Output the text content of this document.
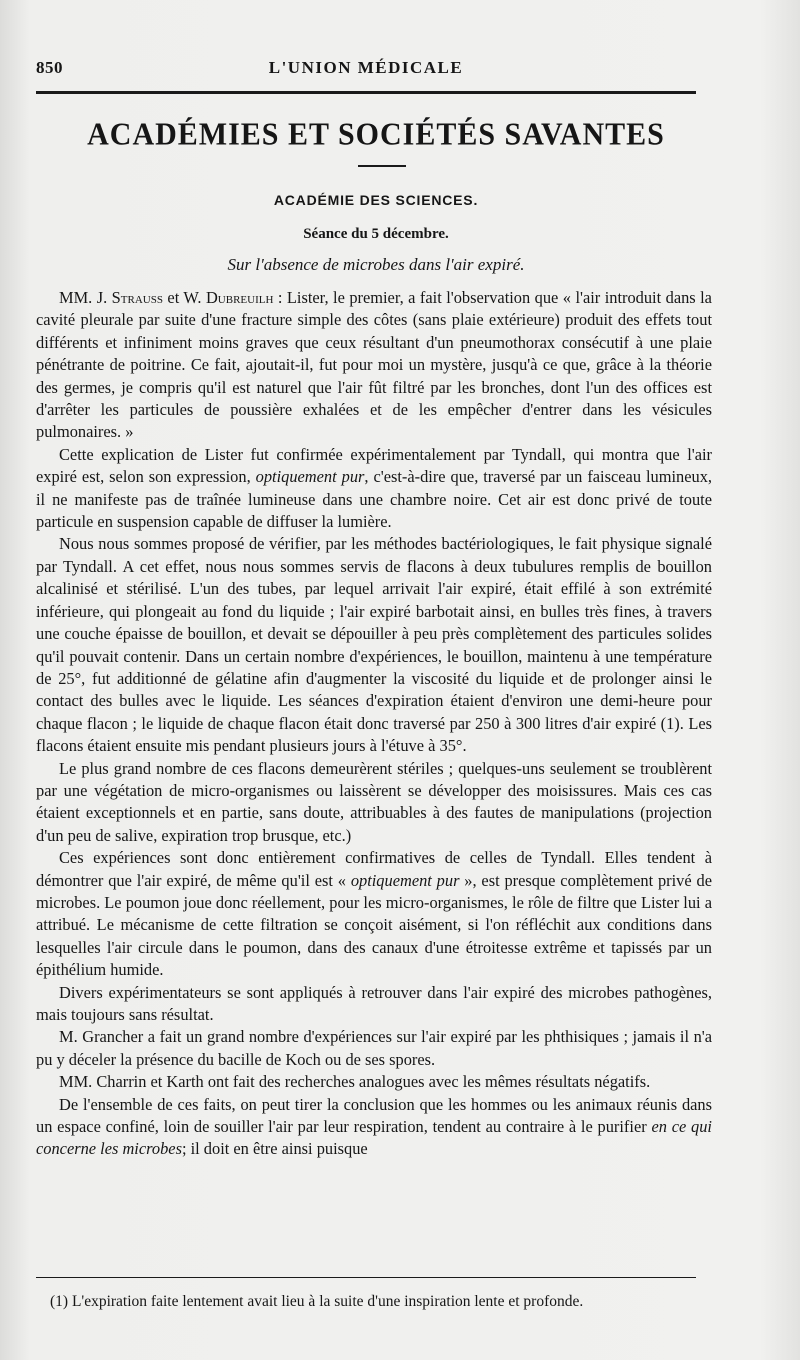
850	L'UNION MÉDICALE
ACADÉMIES ET SOCIÉTÉS SAVANTES
ACADÉMIE DES SCIENCES.
Séance du 5 décembre.
Sur l'absence de microbes dans l'air expiré.

MM. J. Strauss et W. Dubreuilh : Lister, le premier, a fait l'observation que « l'air introduit dans la cavité pleurale par suite d'une fracture simple des côtes (sans plaie extérieure) produit des effets tout différents et infiniment moins graves que ceux résultant d'un pneumothorax consécutif à une plaie pénétrante de poitrine. Ce fait, ajoutait-il, fut pour moi un mystère, jusqu'à ce que, grâce à la théorie des germes, je compris qu'il est naturel que l'air fût filtré par les bronches, dont l'un des offices est d'arrêter les particules de poussière exhalées et de les empêcher d'entrer dans les vésicules pulmonaires. »

Cette explication de Lister fut confirmée expérimentalement par Tyndall, qui montra que l'air expiré est, selon son expression, optiquement pur, c'est-à-dire que, traversé par un faisceau lumineux, il ne manifeste pas de traînée lumineuse dans une chambre noire. Cet air est donc privé de toute particule en suspension capable de diffuser la lumière.

Nous nous sommes proposé de vérifier, par les méthodes bactériologiques, le fait physique signalé par Tyndall. A cet effet, nous nous sommes servis de flacons à deux tubulures remplis de bouillon alcalinisé et stérilisé. L'un des tubes, par lequel arrivait l'air expiré, était effilé à son extrémité inférieure, qui plongeait au fond du liquide ; l'air expiré barbotait ainsi, en bulles très fines, à travers une couche épaisse de bouillon, et devait se dépouiller à peu près complètement des particules solides qu'il pouvait contenir. Dans un certain nombre d'expériences, le bouillon, maintenu à une température de 25°, fut additionné de gélatine afin d'augmenter la viscosité du liquide et de prolonger ainsi le contact des bulles avec le liquide. Les séances d'expiration étaient d'environ une demi-heure pour chaque flacon ; le liquide de chaque flacon était donc traversé par 250 à 300 litres d'air expiré (1). Les flacons étaient ensuite mis pendant plusieurs jours à l'étuve à 35°.

Le plus grand nombre de ces flacons demeurèrent stériles ; quelques-uns seulement se troublèrent par une végétation de micro-organismes ou laissèrent se développer des moisissures. Mais ces cas étaient exceptionnels et en partie, sans doute, attribuables à des fautes de manipulations (projection d'un peu de salive, expiration trop brusque, etc.)

Ces expériences sont donc entièrement confirmatives de celles de Tyndall. Elles tendent à démontrer que l'air expiré, de même qu'il est « optiquement pur », est presque complètement privé de microbes. Le poumon joue donc réellement, pour les micro-organismes, le rôle de filtre que Lister lui a attribué. Le mécanisme de cette filtration se conçoit aisément, si l'on réfléchit aux conditions dans lesquelles l'air circule dans le poumon, dans des canaux d'une étroitesse extrême et tapissés par un épithélium humide.

Divers expérimentateurs se sont appliqués à retrouver dans l'air expiré des microbes pathogènes, mais toujours sans résultat.

M. Grancher a fait un grand nombre d'expériences sur l'air expiré par les phthisiques ; jamais il n'a pu y déceler la présence du bacille de Koch ou de ses spores.

MM. Charrin et Karth ont fait des recherches analogues avec les mêmes résultats négatifs.

De l'ensemble de ces faits, on peut tirer la conclusion que les hommes ou les animaux réunis dans un espace confiné, loin de souiller l'air par leur respiration, tendent au contraire à le purifier en ce qui concerne les microbes; il doit en être ainsi puisque

(1) L'expiration faite lentement avait lieu à la suite d'une inspiration lente et profonde.
